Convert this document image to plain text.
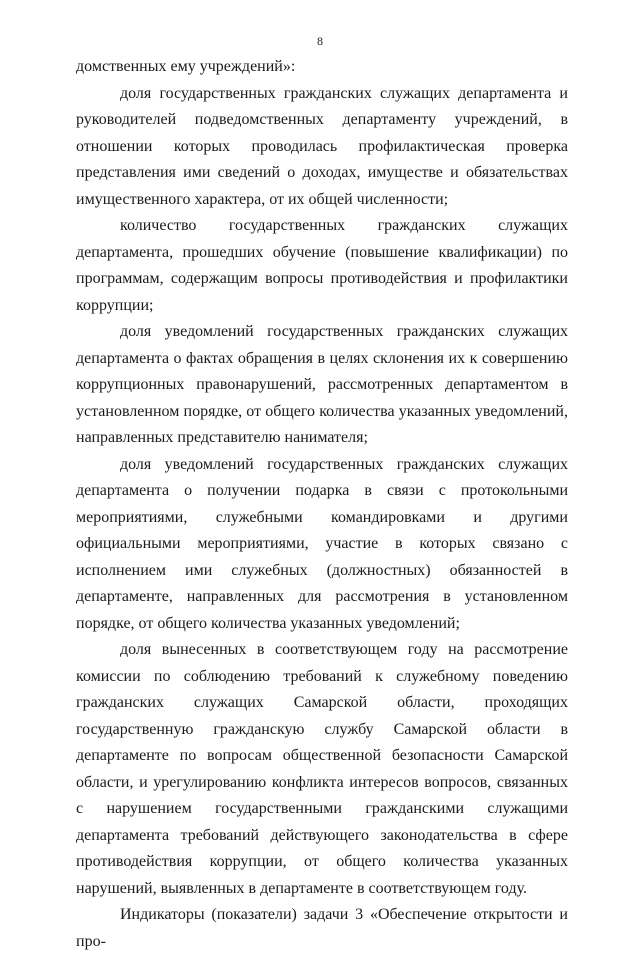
8

домственных ему учреждений»:

доля государственных гражданских служащих департамента и руководителей подведомственных департаменту учреждений, в отношении которых проводилась профилактическая проверка представления ими сведений о доходах, имуществе и обязательствах имущественного характера, от их общей численности;

количество государственных гражданских служащих департамента, прошедших обучение (повышение квалификации) по программам, содержащим вопросы противодействия и профилактики коррупции;

доля уведомлений государственных гражданских служащих департамента о фактах обращения в целях склонения их к совершению коррупционных правонарушений, рассмотренных департаментом в установленном порядке, от общего количества указанных уведомлений, направленных представителю нанимателя;

доля уведомлений государственных гражданских служащих департамента о получении подарка в связи с протокольными мероприятиями, служебными командировками и другими официальными мероприятиями, участие в которых связано с исполнением ими служебных (должностных) обязанностей в департаменте, направленных для рассмотрения в установленном порядке, от общего количества указанных уведомлений;

доля вынесенных в соответствующем году на рассмотрение комиссии по соблюдению требований к служебному поведению гражданских служащих Самарской области, проходящих государственную гражданскую службу Самарской области в департаменте по вопросам общественной безопасности Самарской области, и урегулированию конфликта интересов вопросов, связанных с нарушением государственными гражданскими служащими департамента требований действующего законодательства в сфере противодействия коррупции, от общего количества указанных нарушений, выявленных в департаменте в соответствующем году.

Индикаторы (показатели) задачи 3 «Обеспечение открытости и про-
